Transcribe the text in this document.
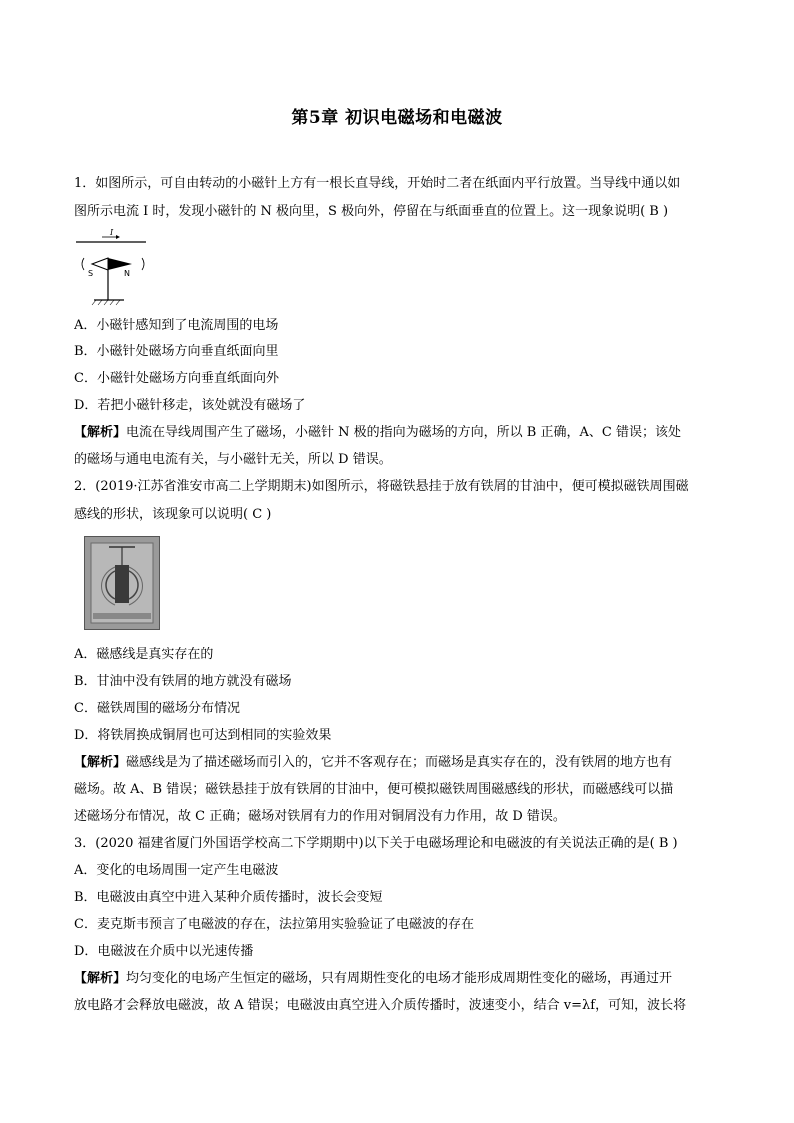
第5章 初识电磁场和电磁波
1．如图所示，可自由转动的小磁针上方有一根长直导线，开始时二者在纸面内平行放置。当导线中通以如
图所示电流 I 时，发现小磁针的 N 极向里，S 极向外，停留在与纸面垂直的位置上。这一现象说明( B )
I
S	N
A．小磁针感知到了电流周围的电场
B．小磁针处磁场方向垂直纸面向里
C．小磁针处磁场方向垂直纸面向外
D．若把小磁针移走，该处就没有磁场了
【解析】电流在导线周围产生了磁场，小磁针 N 极的指向为磁场的方向，所以 B 正确，A、C 错误；该处
的磁场与通电电流有关，与小磁针无关，所以 D 错误。
2．(2019·江苏省淮安市高二上学期期末)如图所示，将磁铁悬挂于放有铁屑的甘油中，便可模拟磁铁周围磁
感线的形状，该现象可以说明( C )
A．磁感线是真实存在的
B．甘油中没有铁屑的地方就没有磁场
C．磁铁周围的磁场分布情况
D．将铁屑换成铜屑也可达到相同的实验效果
【解析】磁感线是为了描述磁场而引入的，它并不客观存在；而磁场是真实存在的，没有铁屑的地方也有
磁场。故 A、B 错误；磁铁悬挂于放有铁屑的甘油中，便可模拟磁铁周围磁感线的形状，而磁感线可以描
述磁场分布情况，故 C 正确；磁场对铁屑有力的作用对铜屑没有力作用，故 D 错误。
3．(2020 福建省厦门外国语学校高二下学期期中)以下关于电磁场理论和电磁波的有关说法正确的是( B )
A．变化的电场周围一定产生电磁波
B．电磁波由真空中进入某种介质传播时，波长会变短
C．麦克斯韦预言了电磁波的存在，法拉第用实验验证了电磁波的存在
D．电磁波在介质中以光速传播
【解析】均匀变化的电场产生恒定的磁场，只有周期性变化的电场才能形成周期性变化的磁场，再通过开
放电路才会释放电磁波，故 A 错误；电磁波由真空进入介质传播时，波速变小，结合 v=λf，可知，波长将
